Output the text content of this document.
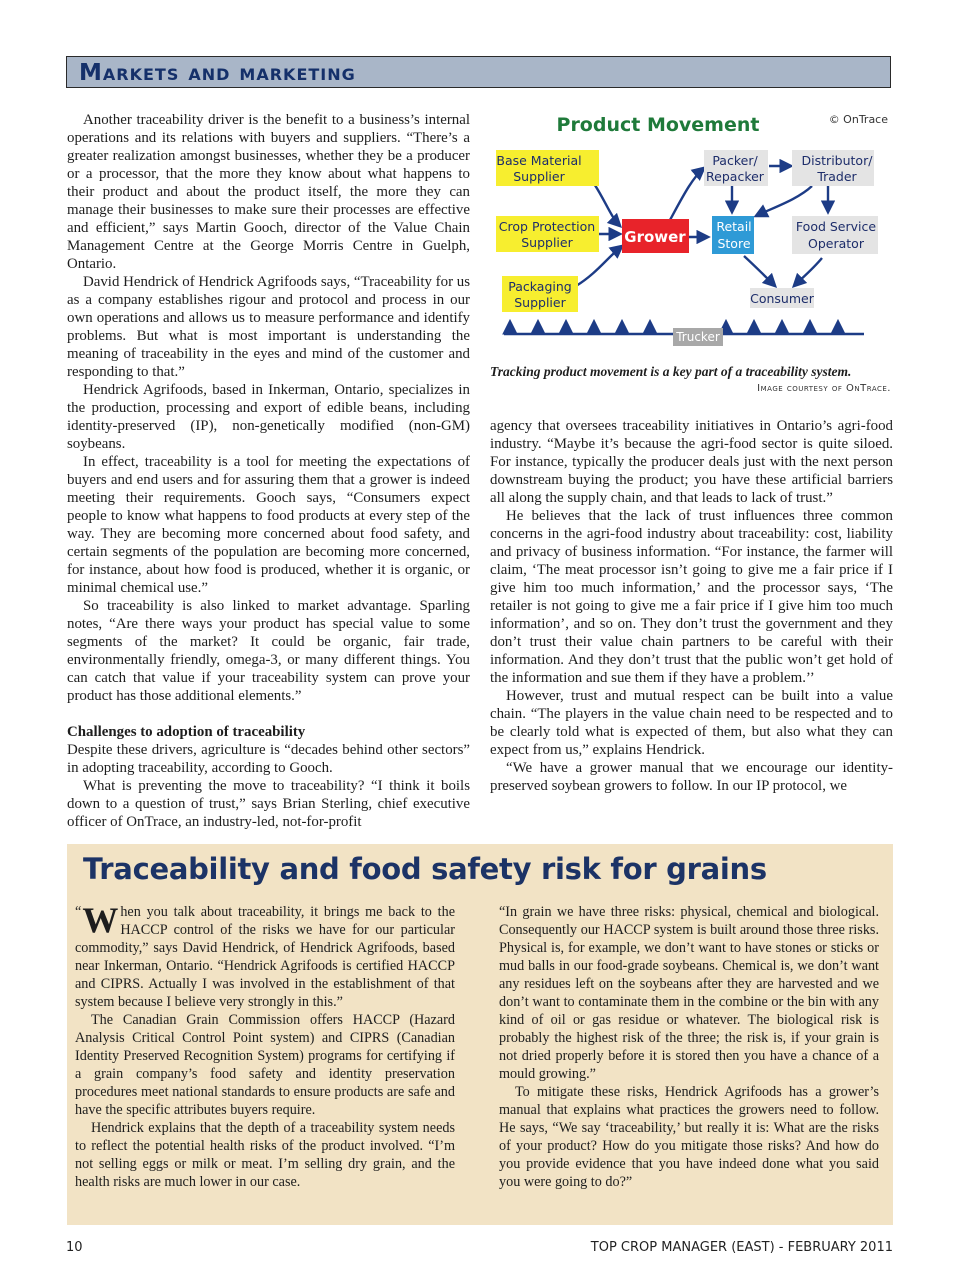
Markets and marketing

Another traceability driver is the benefit to a business’s internal operations and its relations with buyers and suppliers. “There’s a greater realization amongst businesses, whether they be a producer or a processor, that the more they know about what happens to their product and about the product itself, the more they can manage their businesses to make sure their processes are effective and efficient,” says Martin Gooch, director of the Value Chain Management Centre at the George Morris Centre in Guelph, Ontario.

David Hendrick of Hendrick Agrifoods says, “Traceability for us as a company establishes rigour and protocol and process in our own operations and allows us to measure performance and identify problems. But what is most important is understanding the meaning of traceability in the eyes and mind of the customer and responding to that.”

Hendrick Agrifoods, based in Inkerman, Ontario, specializes in the production, processing and export of edible beans, including identity-preserved (IP), non-genetically modified (non-GM) soybeans.

In effect, traceability is a tool for meeting the expectations of buyers and end users and for assuring them that a grower is indeed meeting their requirements. Gooch says, “Consumers expect people to know what happens to food products at every step of the way. They are becoming more concerned about food safety, and certain segments of the population are becoming more concerned, for instance, about how food is produced, whether it is organic, or minimal chemical use.”

So traceability is also linked to market advantage. Sparling notes, “Are there ways your product has special value to some segments of the market? It could be organic, fair trade, environmentally friendly, omega-3, or many different things. You can catch that value if your traceability system can prove your product has those additional elements.”

Challenges to adoption of traceability

Despite these drivers, agriculture is “decades behind other sectors” in adopting traceability, according to Gooch.

What is preventing the move to traceability? “I think it boils down to a question of trust,” says Brian Sterling, chief executive officer of OnTrace, an industry-led, not-for-profit

Product Movement	© OnTrace
Base Material
Supplier
Crop Protection
Supplier
Packaging
Supplier
Grower
Packer/
Repacker
Distributor/
Trader
Retail
Store
Food Service
Operator
Consumer
Trucker
Tracking product movement is a key part of a traceability system.
Image courtesy of OnTrace.

agency that oversees traceability initiatives in Ontario’s agri-food industry. “Maybe it’s because the agri-food sector is quite siloed. For instance, typically the producer deals just with the next person downstream buying the product; you have these artificial barriers all along the supply chain, and that leads to lack of trust.”

He believes that the lack of trust influences three common concerns in the agri-food industry about traceability: cost, liability and privacy of business information. “For instance, the farmer will claim, ‘The meat processor isn’t going to give me a fair price if I give him too much information,’ and the processor says, ‘The retailer is not going to give me a fair price if I give him too much information’, and so on. They don’t trust the government and they don’t trust their value chain partners to be careful with their information. And they don’t trust that the public won’t get hold of the information and sue them if they have a problem.’’

However, trust and mutual respect can be built into a value chain. “The players in the value chain need to be respected and to be clearly told what is expected of them, but also what they can expect from us,” explains Hendrick.

“We have a grower manual that we encourage our identity-preserved soybean growers to follow. In our IP protocol, we

Traceability and food safety risk for grains

“ W hen you talk about traceability, it brings me back to the HACCP control of the risks we have for our particular commodity,” says David Hendrick, of Hendrick Agrifoods, based near Inkerman, Ontario. “Hendrick Agrifoods is certified HACCP and CIPRS. Actually I was involved in the establishment of that system because I believe very strongly in this.”

The Canadian Grain Commission offers HACCP (Hazard Analysis Critical Control Point system) and CIPRS (Canadian Identity Preserved Recognition System) programs for certifying if a grain company’s food safety and identity preservation procedures meet national standards to ensure products are safe and have the specific attributes buyers require.

Hendrick explains that the depth of a traceability system needs to reflect the potential health risks of the product involved. “I’m not selling eggs or milk or meat. I’m selling dry grain, and the health risks are much lower in our case.

“In grain we have three risks: physical, chemical and biological. Consequently our HACCP system is built around those three risks. Physical is, for example, we don’t want to have stones or sticks or mud balls in our food-grade soybeans. Chemical is, we don’t want any residues left on the soybeans after they are harvested and we don’t want to contaminate them in the combine or the bin with any kind of oil or gas residue or whatever. The biological risk is probably the highest risk of the three; the risk is, if your grain is not dried properly before it is stored then you have a chance of a mould growing.”

To mitigate these risks, Hendrick Agrifoods has a grower’s manual that explains what practices the growers need to follow. He says, “We say ‘traceability,’ but really it is: What are the risks of your product? How do you mitigate those risks? And how do you provide evidence that you have indeed done what you said you were going to do?”

10	TOP CROP MANAGER (EAST) - FEBRUARY 2011
